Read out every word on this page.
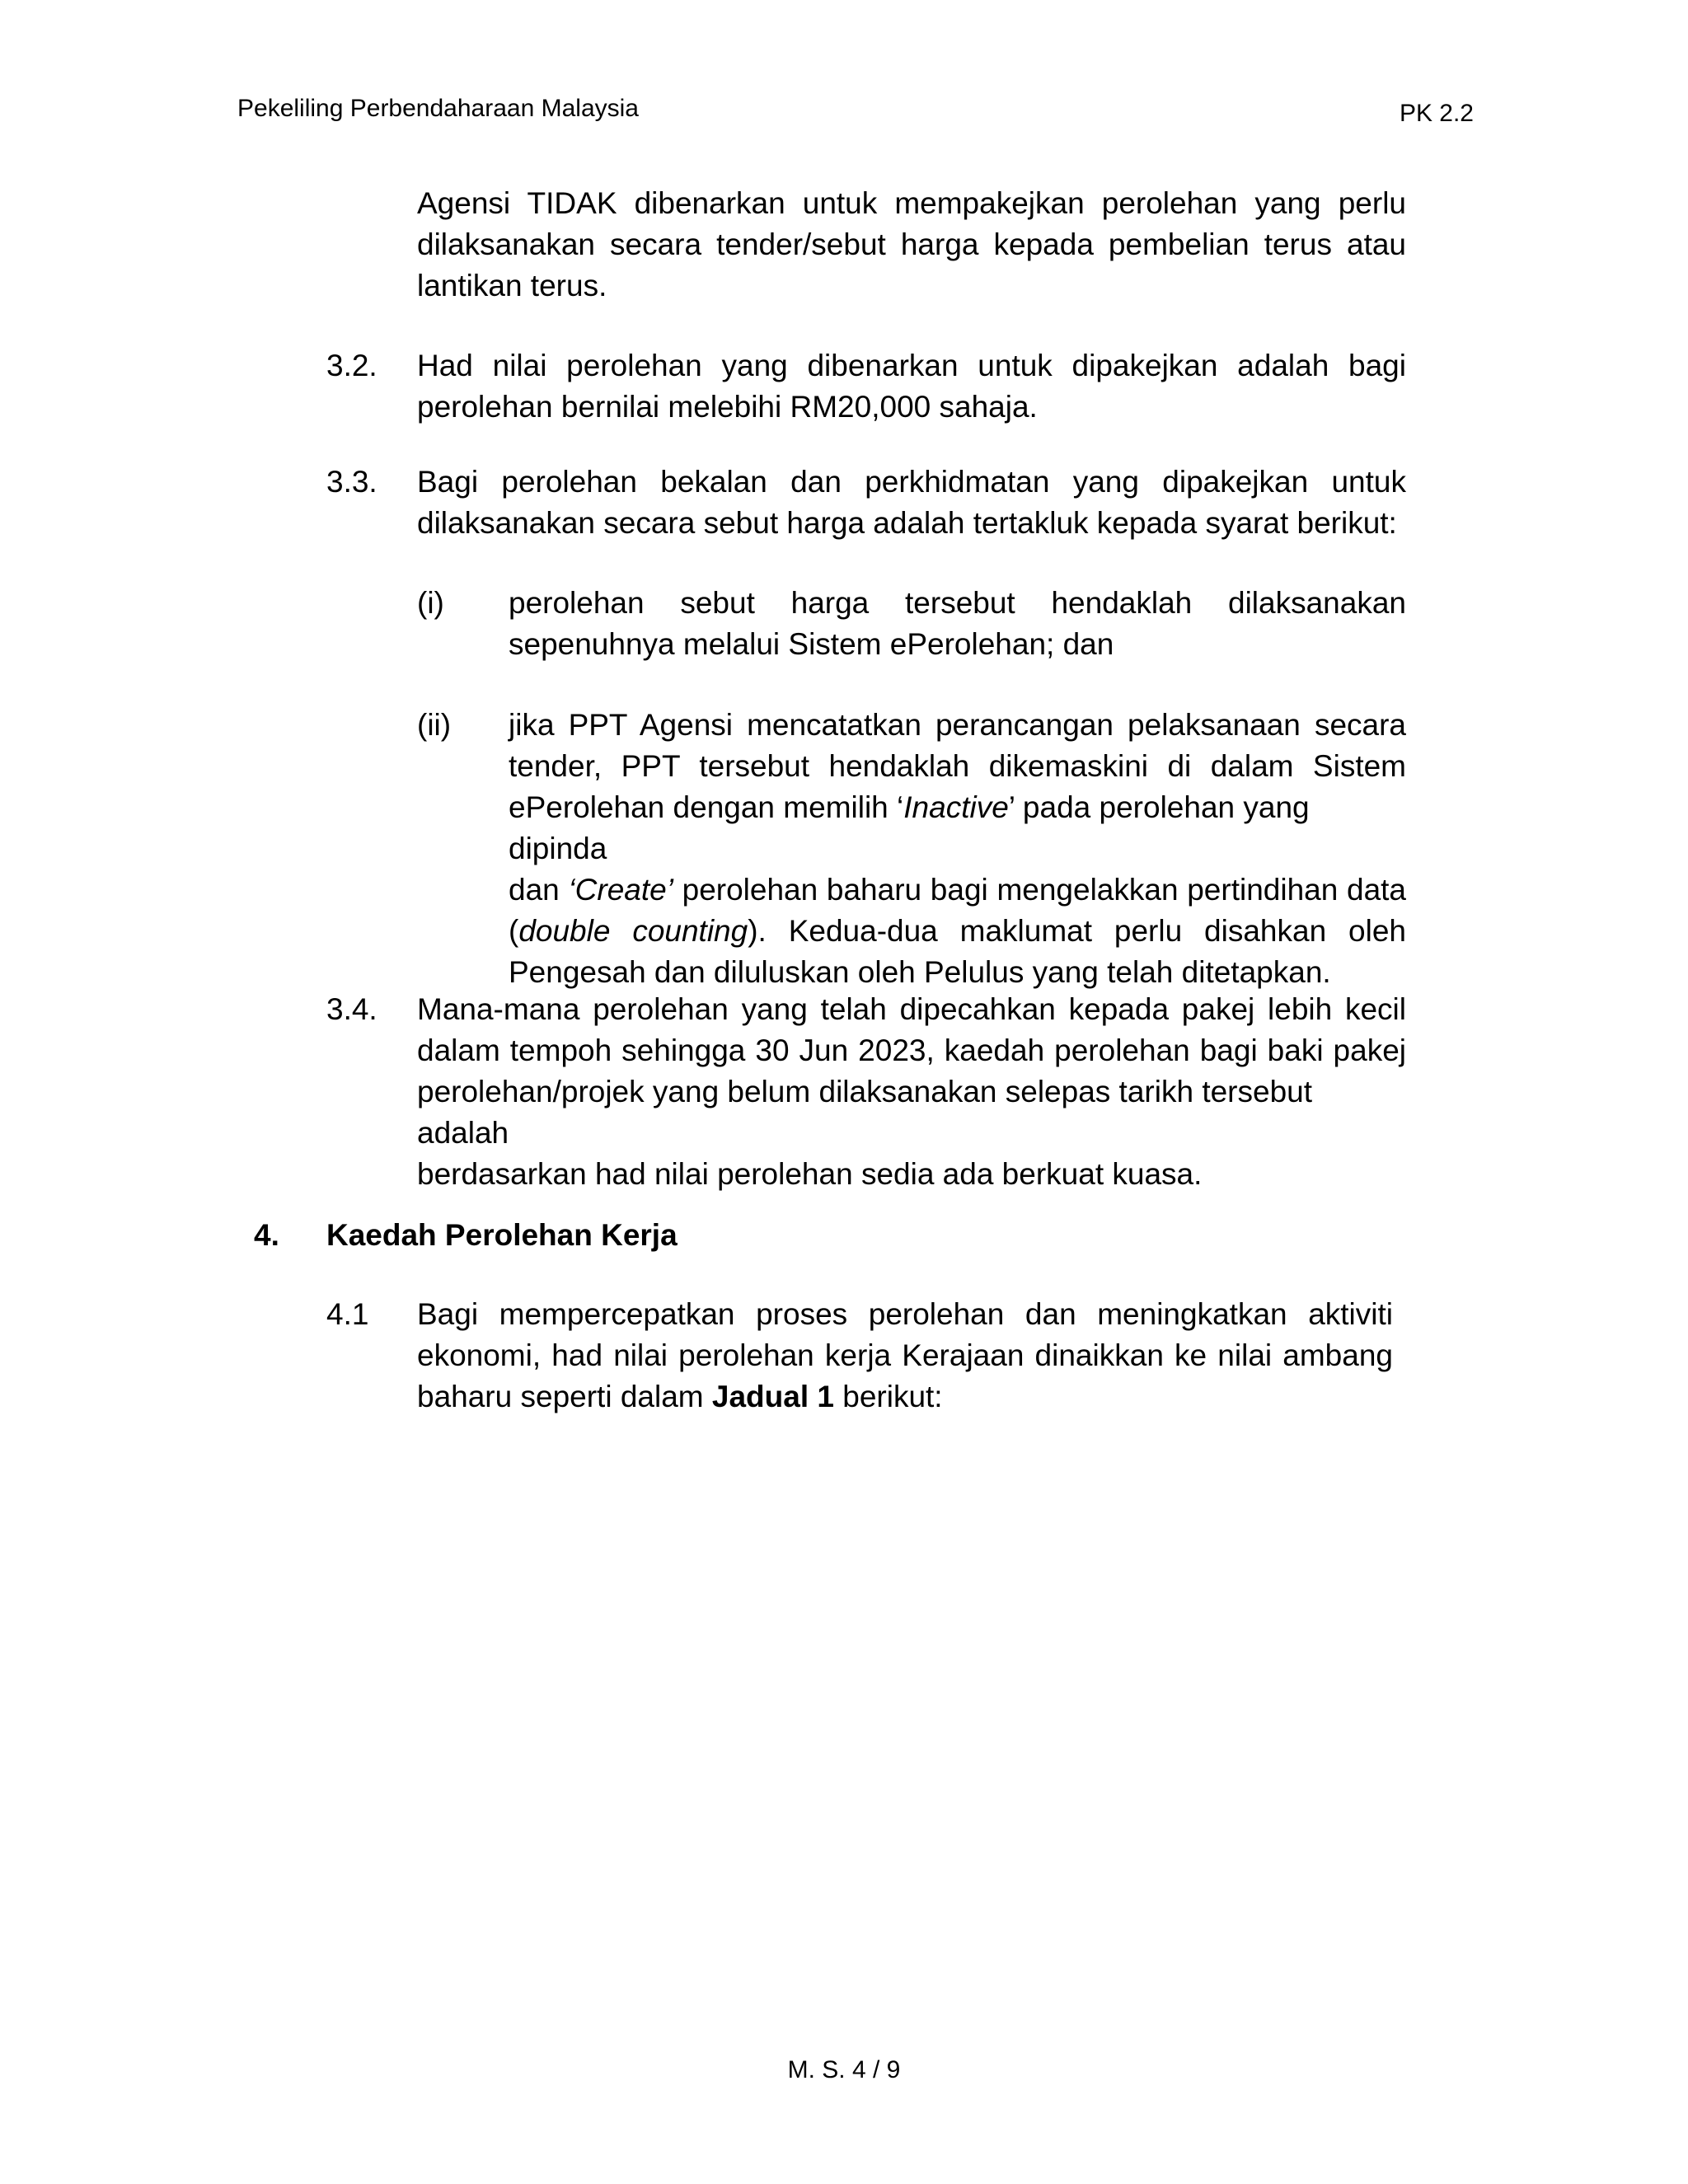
Pekeliling Perbendaharaan Malaysia	PK 2.2
Agensi TIDAK dibenarkan untuk mempakejkan perolehan yang perlu
dilaksanakan secara tender/sebut harga kepada pembelian terus atau
lantikan terus.
3.2. Had nilai perolehan yang dibenarkan untuk dipakejkan adalah bagi
perolehan bernilai melebihi RM20,000 sahaja.
3.3. Bagi perolehan bekalan dan perkhidmatan yang dipakejkan untuk
dilaksanakan secara sebut harga adalah tertakluk kepada syarat berikut:
(i) perolehan sebut harga tersebut hendaklah dilaksanakan
sepenuhnya melalui Sistem ePerolehan; dan
(ii) jika PPT Agensi mencatatkan perancangan pelaksanaan secara
tender, PPT tersebut hendaklah dikemaskini di dalam Sistem
ePerolehan dengan memilih ‘Inactive’ pada perolehan yang dipinda
dan ‘Create’ perolehan baharu bagi mengelakkan pertindihan data
(double counting). Kedua-dua maklumat perlu disahkan oleh
Pengesah dan diluluskan oleh Pelulus yang telah ditetapkan.
3.4. Mana-mana perolehan yang telah dipecahkan kepada pakej lebih kecil
dalam tempoh sehingga 30 Jun 2023, kaedah perolehan bagi baki pakej
perolehan/projek yang belum dilaksanakan selepas tarikh tersebut adalah
berdasarkan had nilai perolehan sedia ada berkuat kuasa.
4. Kaedah Perolehan Kerja
4.1 Bagi mempercepatkan proses perolehan dan meningkatkan aktiviti
ekonomi, had nilai perolehan kerja Kerajaan dinaikkan ke nilai ambang
baharu seperti dalam Jadual 1 berikut:
M. S. 4 / 9
